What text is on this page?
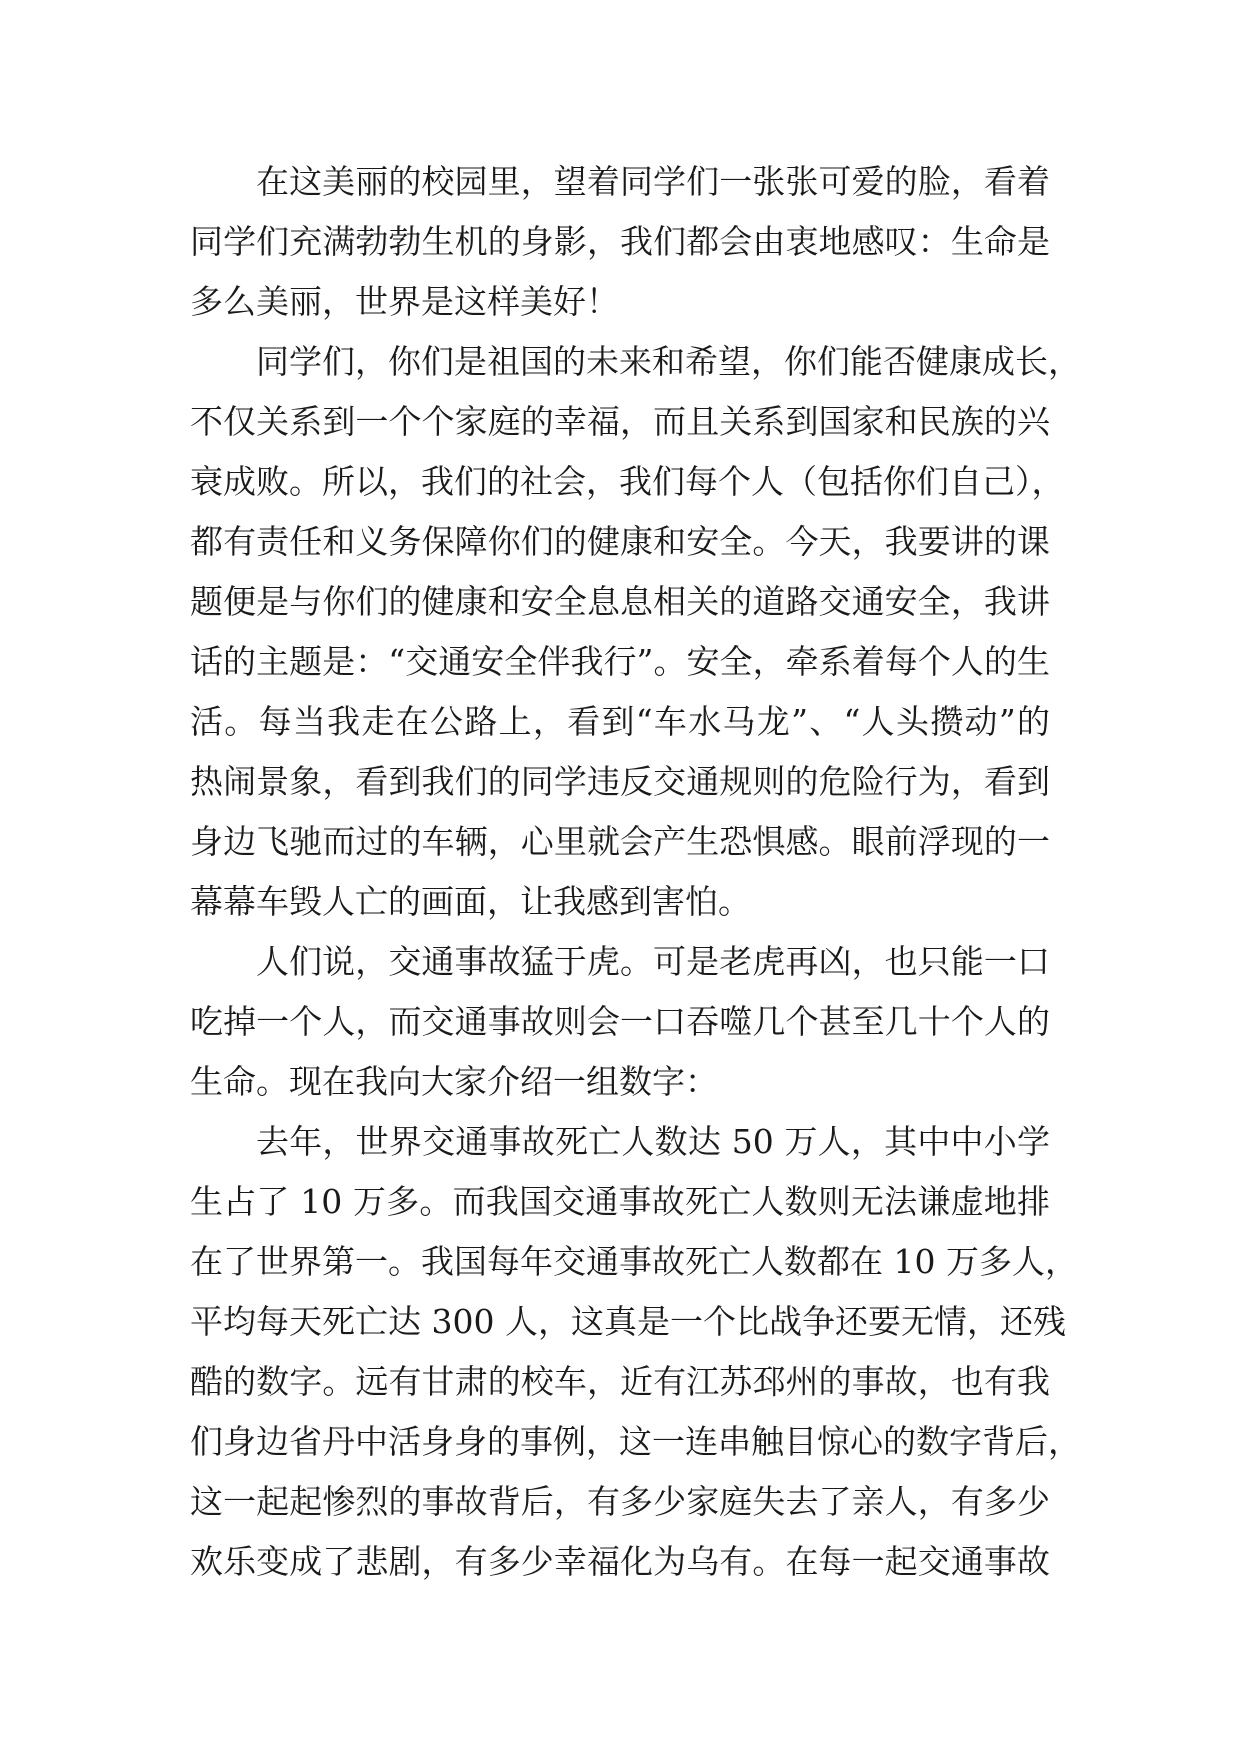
在这美丽的校园里，望着同学们一张张可爱的脸，看着
同学们充满勃勃生机的身影，我们都会由衷地感叹：生命是
多么美丽，世界是这样美好！
同学们，你们是祖国的未来和希望，你们能否健康成长，
不仅关系到一个个家庭的幸福，而且关系到国家和民族的兴
衰成败。所以，我们的社会，我们每个人（包括你们自己），
都有责任和义务保障你们的健康和安全。今天，我要讲的课
题便是与你们的健康和安全息息相关的道路交通安全，我讲
话的主题是：“交通安全伴我行”。安全，牵系着每个人的生
活。每当我走在公路上，看到“车水马龙”、“人头攒动”的
热闹景象，看到我们的同学违反交通规则的危险行为，看到
身边飞驰而过的车辆，心里就会产生恐惧感。眼前浮现的一
幕幕车毁人亡的画面，让我感到害怕。
人们说，交通事故猛于虎。可是老虎再凶，也只能一口
吃掉一个人，而交通事故则会一口吞噬几个甚至几十个人的
生命。现在我向大家介绍一组数字：
去年，世界交通事故死亡人数达 50 万人，其中中小学
生占了 10 万多。而我国交通事故死亡人数则无法谦虚地排
在了世界第一。我国每年交通事故死亡人数都在 10 万多人，
平均每天死亡达 300 人，这真是一个比战争还要无情，还残
酷的数字。远有甘肃的校车，近有江苏邳州的事故，也有我
们身边省丹中活身身的事例，这一连串触目惊心的数字背后，
这一起起惨烈的事故背后，有多少家庭失去了亲人，有多少
欢乐变成了悲剧，有多少幸福化为乌有。在每一起交通事故
